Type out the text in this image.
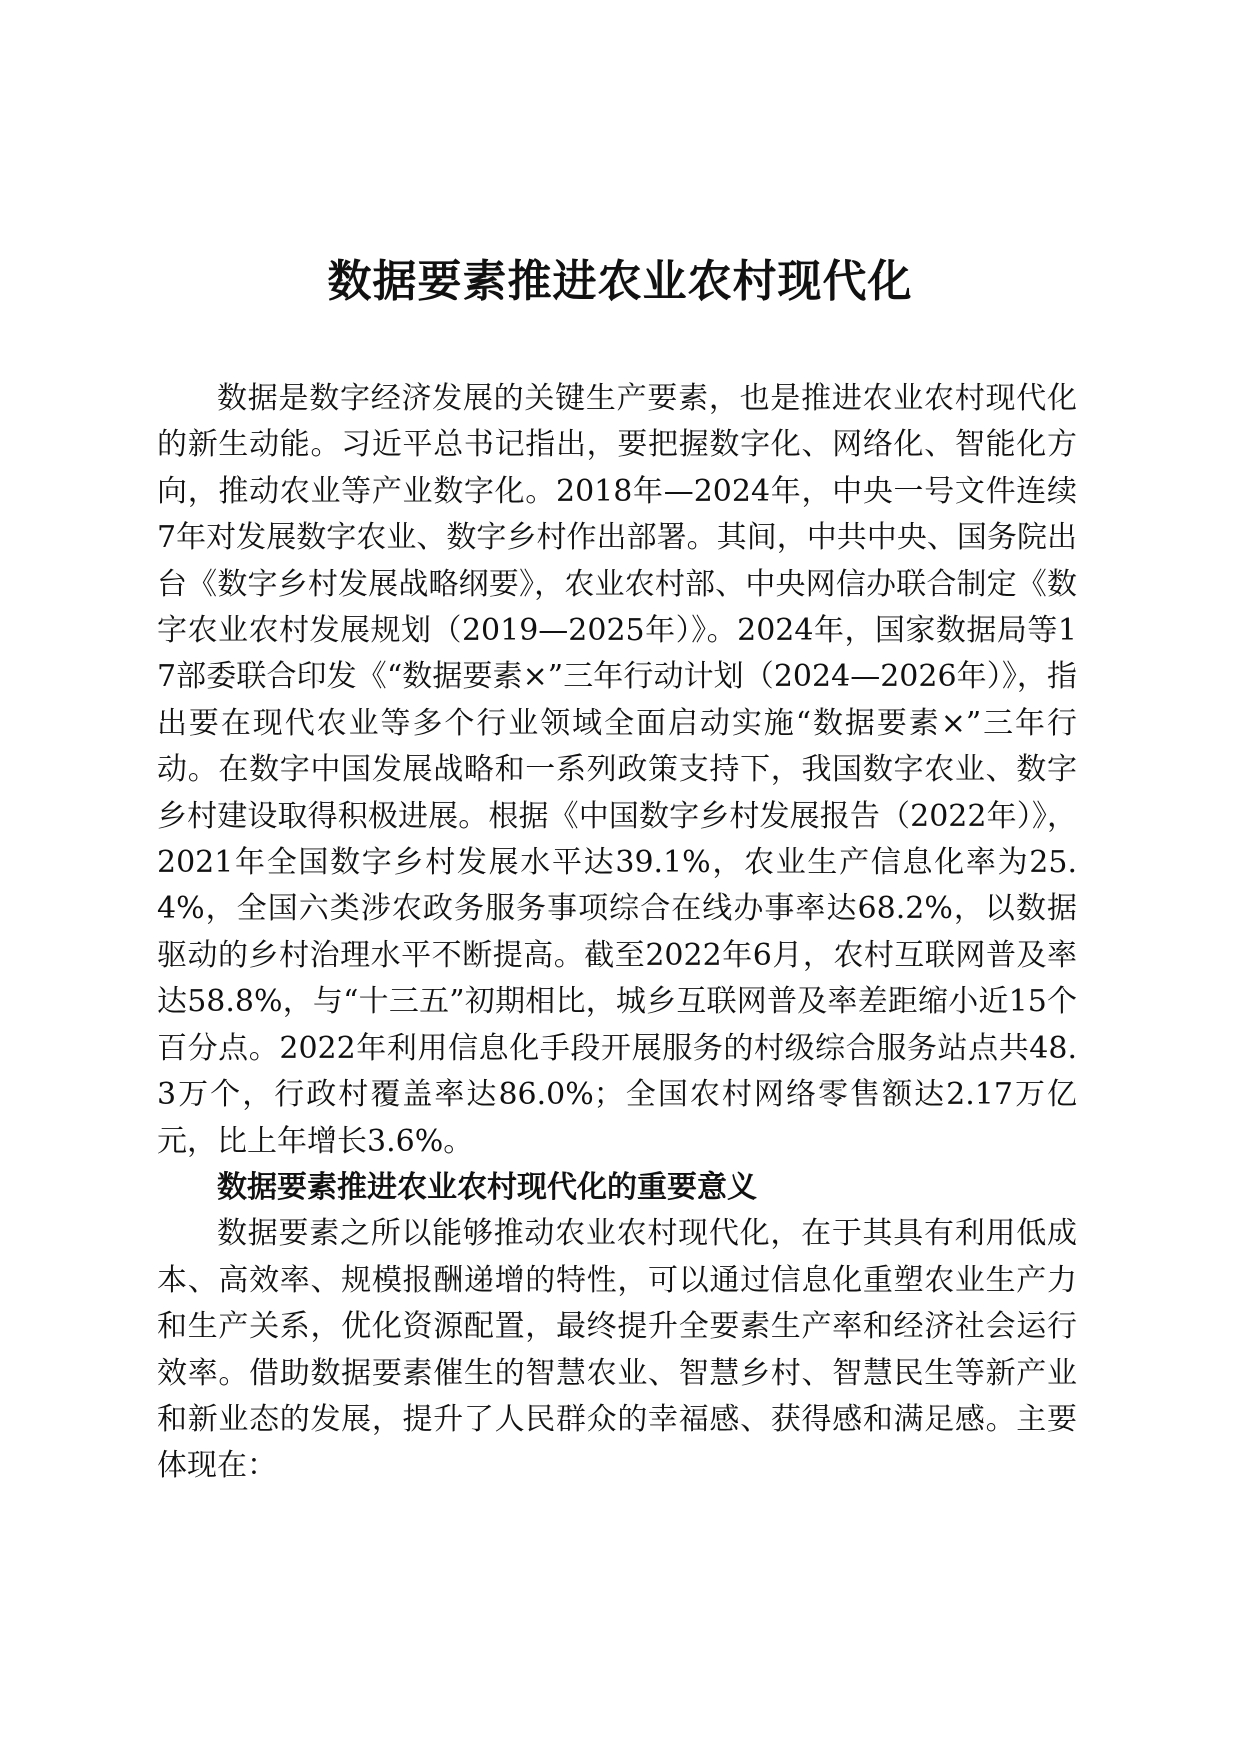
数据要素推进农业农村现代化

数据是数字经济发展的关键生产要素，也是推进农业农村现代化的新生动能。习近平总书记指出，要把握数字化、网络化、智能化方向，推动农业等产业数字化。2018年—2024年，中央一号文件连续7年对发展数字农业、数字乡村作出部署。其间，中共中央、国务院出台《数字乡村发展战略纲要》，农业农村部、中央网信办联合制定《数字农业农村发展规划（2019—2025年）》。2024年，国家数据局等17部委联合印发《“数据要素×”三年行动计划（2024—2026年）》，指出要在现代农业等多个行业领域全面启动实施“数据要素×”三年行动。在数字中国发展战略和一系列政策支持下，我国数字农业、数字乡村建设取得积极进展。根据《中国数字乡村发展报告（2022年）》，2021年全国数字乡村发展水平达39.1%，农业生产信息化率为25.4%，全国六类涉农政务服务事项综合在线办事率达68.2%，以数据驱动的乡村治理水平不断提高。截至2022年6月，农村互联网普及率达58.8%，与“十三五”初期相比，城乡互联网普及率差距缩小近15个百分点。2022年利用信息化手段开展服务的村级综合服务站点共48.3万个，行政村覆盖率达86.0%；全国农村网络零售额达2.17万亿元，比上年增长3.6%。

数据要素推进农业农村现代化的重要意义

数据要素之所以能够推动农业农村现代化，在于其具有利用低成本、高效率、规模报酬递增的特性，可以通过信息化重塑农业生产力和生产关系，优化资源配置，最终提升全要素生产率和经济社会运行效率。借助数据要素催生的智慧农业、智慧乡村、智慧民生等新产业和新业态的发展，提升了人民群众的幸福感、获得感和满足感。主要体现在：
